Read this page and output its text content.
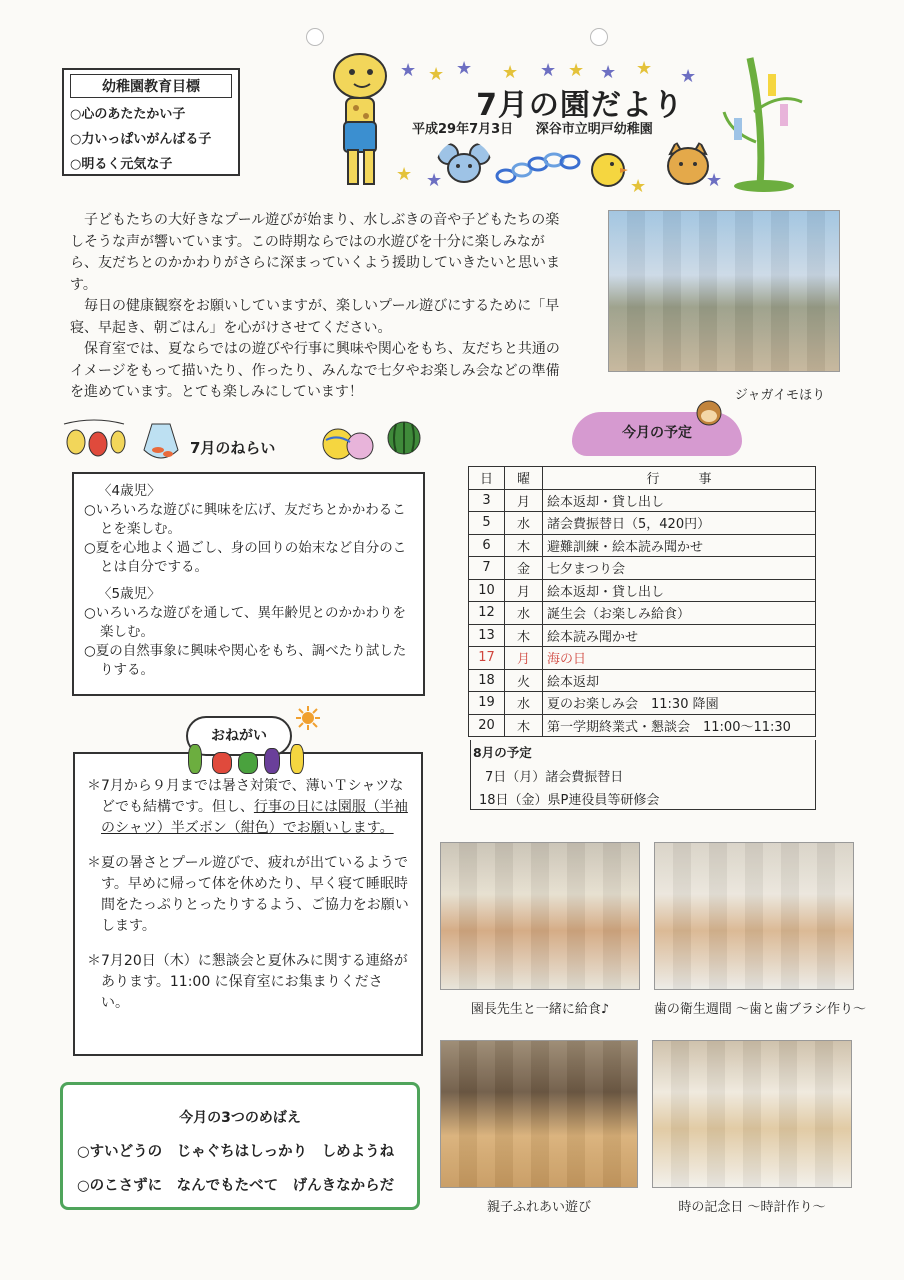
幼稚園教育目標
○心のあたたかい子
○力いっぱいがんばる子
○明るく元気な子
★ ★ ★ ★ ★ ★ ★ ★ ★
★ ★	★	★
7月の園だより
平成29年7月3日 深谷市立明戸幼稚園

子どもたちの大好きなプール遊びが始まり、水しぶきの音や子どもたちの楽しそうな声が響いています。この時期ならではの水遊びを十分に楽しみながら、友だちとのかかわりがさらに深まっていくよう援助していきたいと思います。

毎日の健康観察をお願いしていますが、楽しいプール遊びにするために「早寝、早起き、朝ごはん」を心がけさせてください。

保育室では、夏ならではの遊びや行事に興味や関心をもち、友だちと共通のイメージをもって描いたり、作ったり、みんなで七夕やお楽しみ会などの準備を進めています。とても楽しみにしています！	ジャガイモほり
7月のねらい
〈4歳児〉
○いろいろな遊びに興味を広げ、友だちとかかわることを楽しむ。
○夏を心地よく過ごし、身の回りの始末など自分のことは自分でする。
〈5歳児〉
○いろいろな遊びを通して、異年齢児とのかかわりを楽しむ。
○夏の自然事象に興味や関心をもち、調べたり試したりする。
今月の予定
日	曜	行　　　事
3	月	絵本返却・貸し出し
5	水	諸会費振替日（5，420円）
6	木	避難訓練・絵本読み聞かせ
7	金	七夕まつり会
10	月	絵本返却・貸し出し
12	水	誕生会（お楽しみ給食）
13	木	絵本読み聞かせ
17	月	海の日
18	火	絵本返却
19	水	夏のお楽しみ会　11:30 降園
20	木	第一学期終業式・懇談会　11:00～11:30
8月の予定
7日（月）諸会費振替日
18日（金）県P連役員等研修会
＊7月から９月までは暑さ対策で、薄いＴシャツなどでも結構です。但し、行事の日には園服（半袖のシャツ）半ズボン（紺色）でお願いします。
＊夏の暑さとプール遊びで、疲れが出ているようです。早めに帰って体を休めたり、早く寝て睡眠時間をたっぷりとったりするよう、ご協力をお願いします。
＊7月20日（木）に懇談会と夏休みに関する連絡があります。11:00 に保育室にお集まりください。
おねがい
今月の3つのめばえ
○すいどうの　じゃぐちはしっかり　しめようね
○のこさずに　なんでもたべて　げんきなからだ
園長先生と一緒に給食♪	歯の衛生週間 ～歯と歯ブラシ作り～
親子ふれあい遊び	時の記念日 ～時計作り～
